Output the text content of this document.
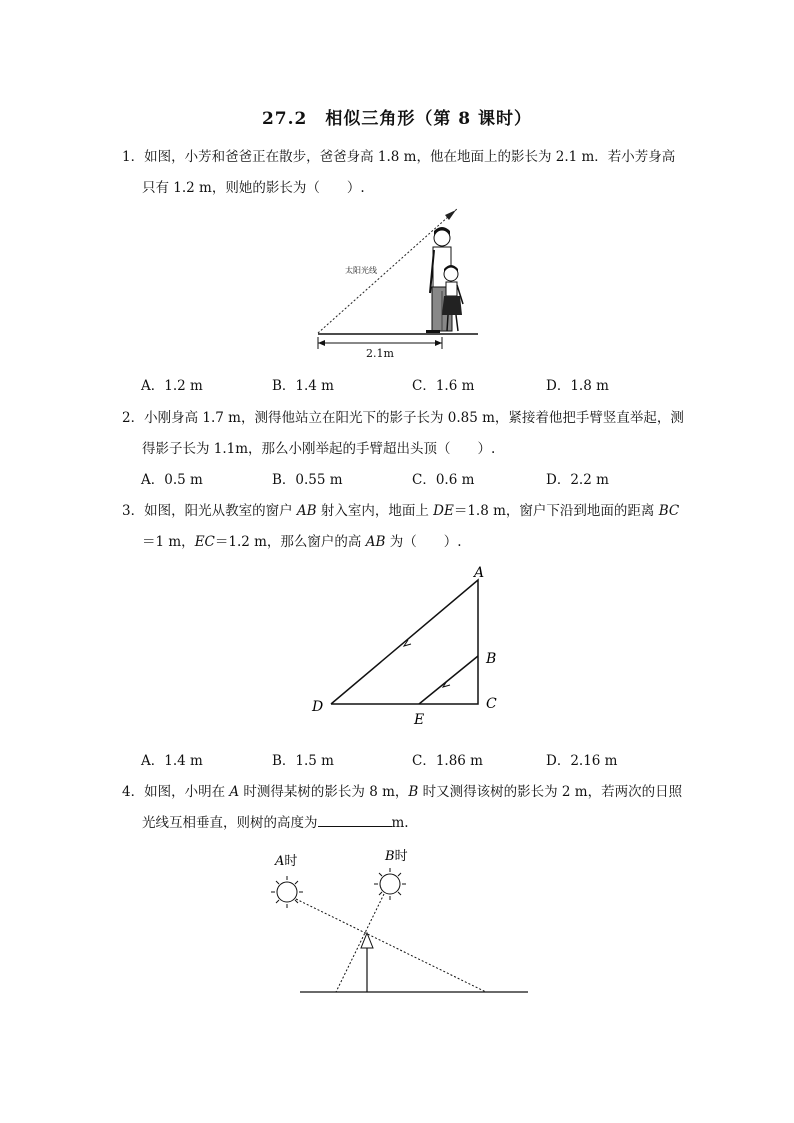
27.2　相似三角形（第 8 课时）
1．如图，小芳和爸爸正在散步，爸爸身高 1.8 m，他在地面上的影长为 2.1 m．若小芳身高
只有 1.2 m，则她的影长为（　　）.
太阳光线
2.1m
A．1.2 m	B．1.4 m	C．1.6 m	D．1.8 m
2．小刚身高 1.7 m，测得他站立在阳光下的影子长为 0.85 m，紧接着他把手臂竖直举起，测
得影子长为 1.1m，那么小刚举起的手臂超出头顶（　　）.
A．0.5 m	B．0.55 m	C．0.6 m	D．2.2 m
3．如图，阳光从教室的窗户 AB 射入室内，地面上 DE＝1.8 m，窗户下沿到地面的距离 BC
＝1 m，EC＝1.2 m，那么窗户的高 AB 为（　　）.
A
B
C
D
E
A．1.4 m	B．1.5 m	C．1.86 m	D．2.16 m
4．如图，小明在 A 时测得某树的影长为 8 m，B 时又测得该树的影长为 2 m，若两次的日照
光线互相垂直，则树的高度为	m.
A时	B时
